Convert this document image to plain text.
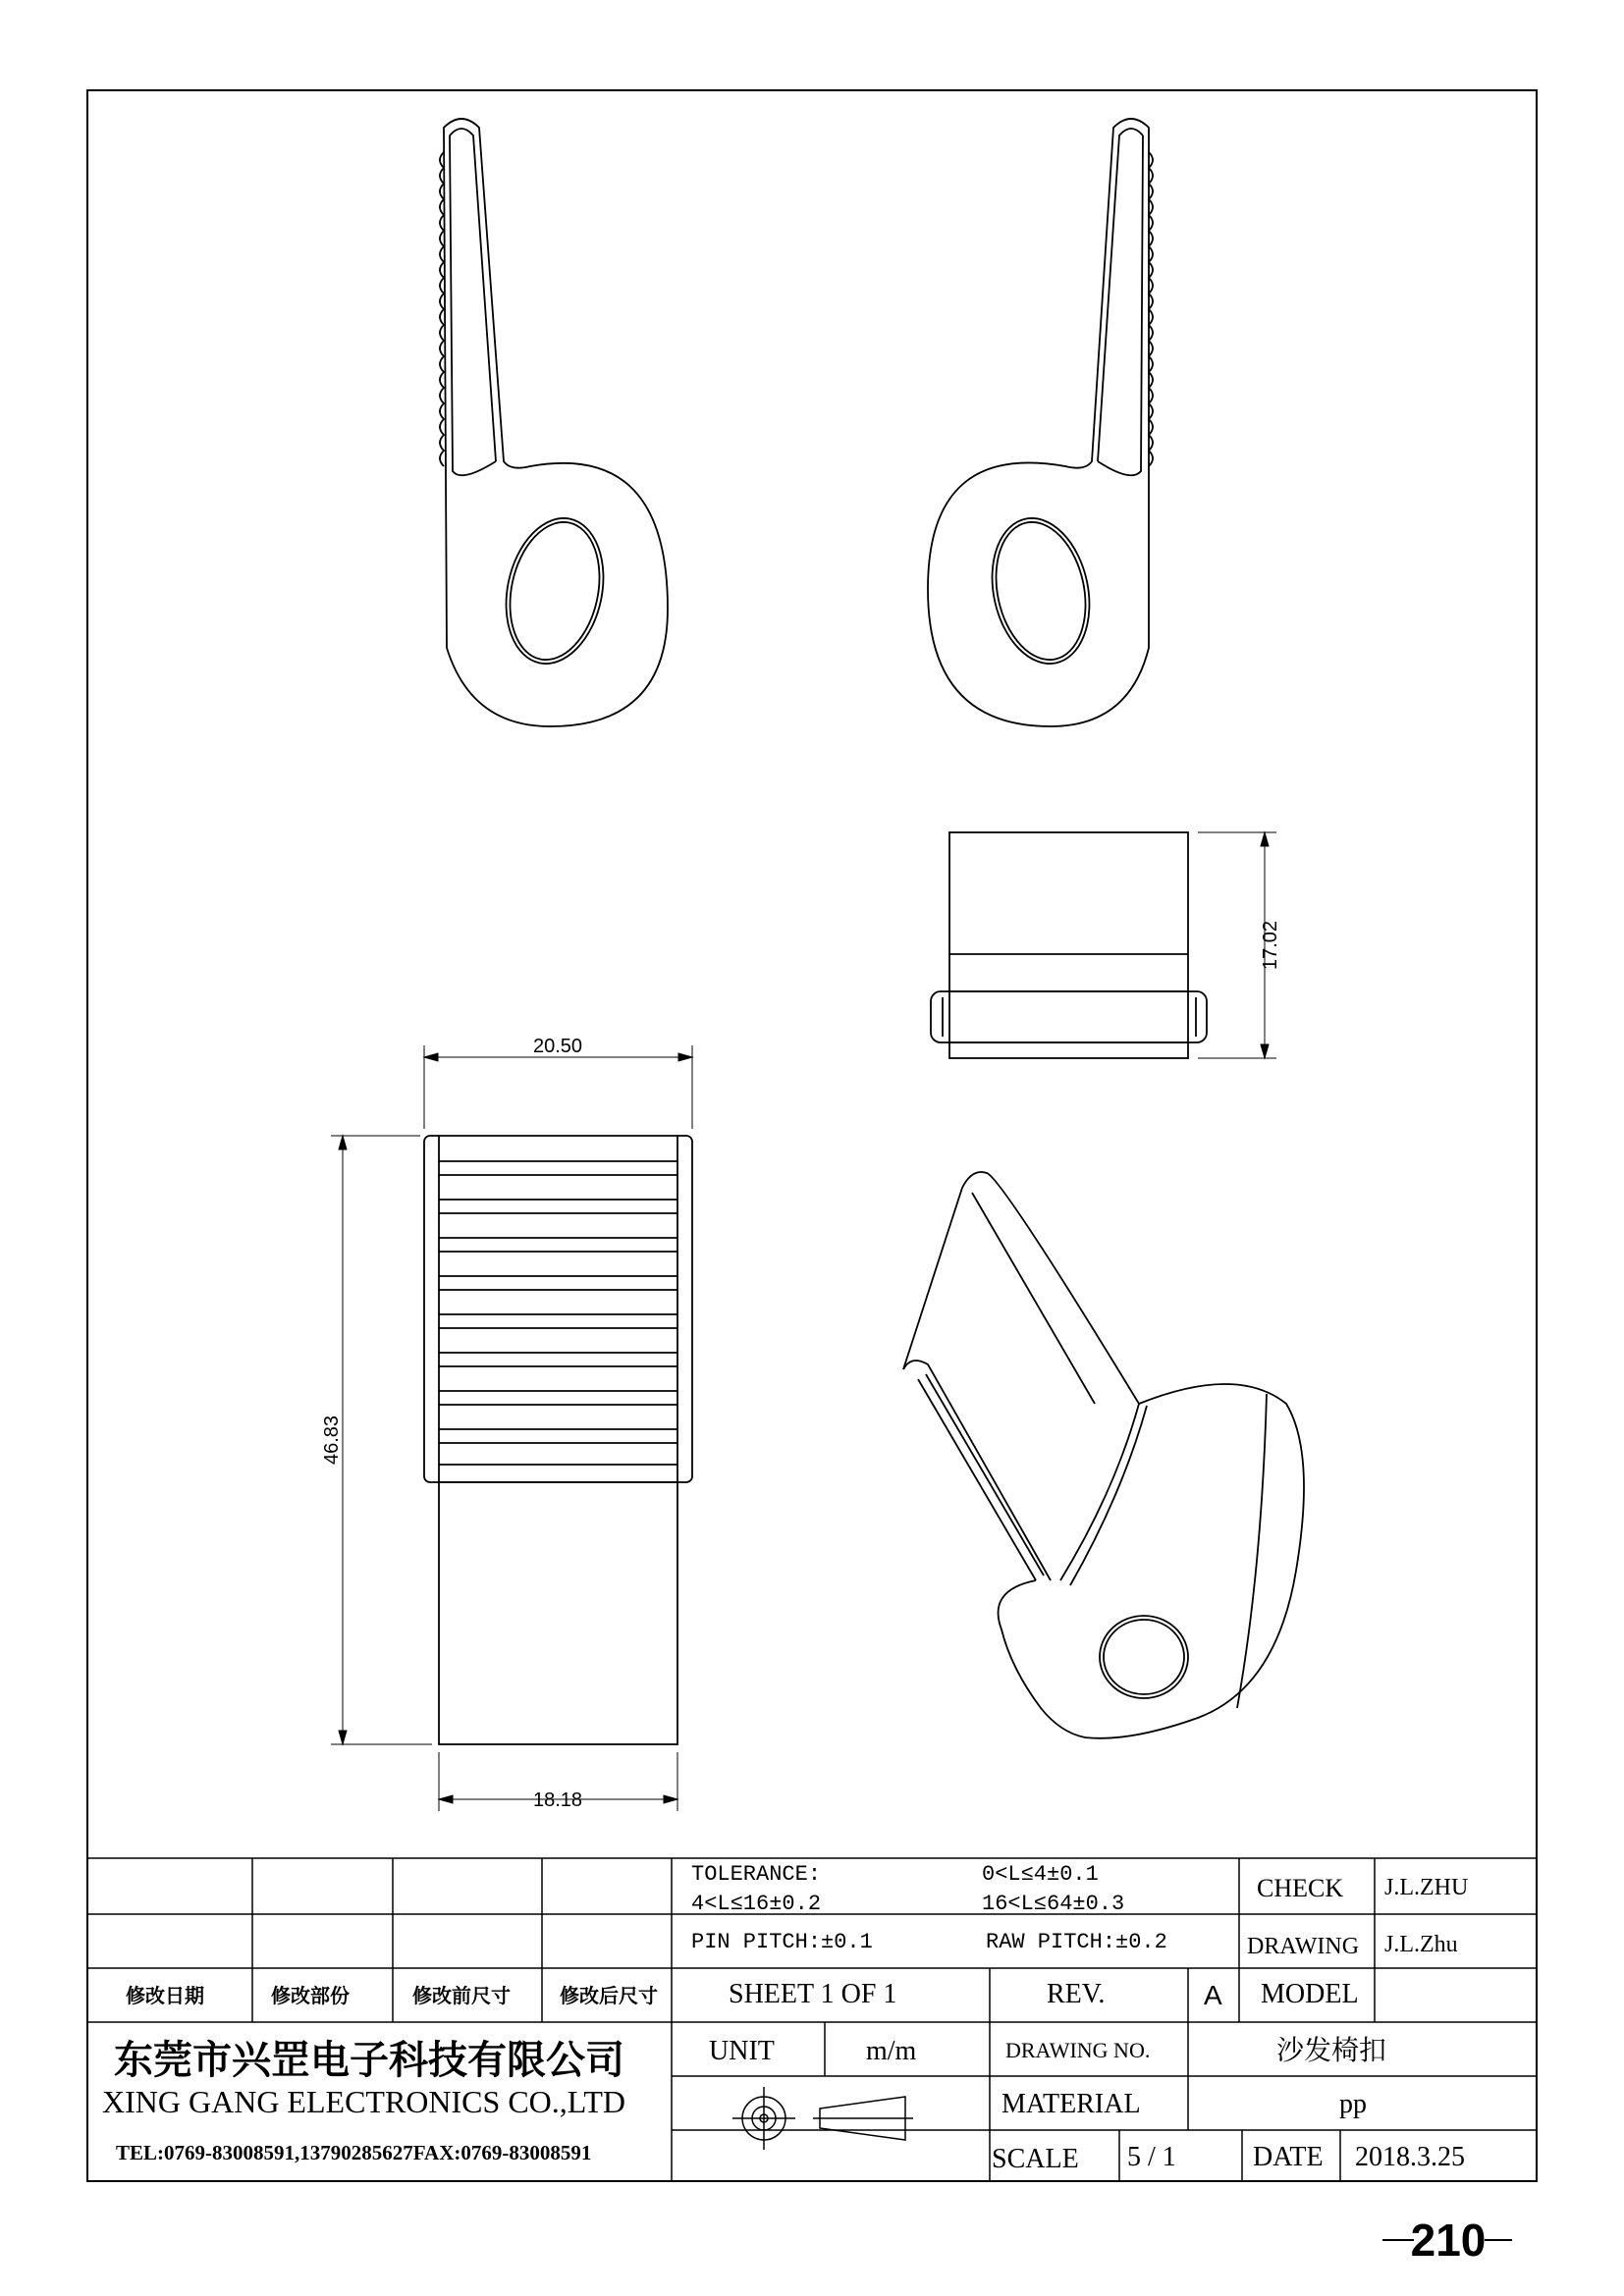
17.02
20.50
46.83
18.18
TOLERANCE:	0<L≤4±0.1
4<L≤16±0.2	16<L≤64±0.3
PIN PITCH:±0.1	RAW PITCH:±0.2
CHECK J.L.ZHU
DRAWING J.L.Zhu
修改日期	修改部份	修改前尺寸	修改后尺寸	SHEET 1 OF 1	REV.	A MODEL
UNIT	m/m	DRAWING NO.	沙发椅扣
MATERIAL	pp
SCALE 5 / 1	DATE 2018.3.25
东莞市兴罡电子科技有限公司
XING GANG ELECTRONICS CO.,LTD
TEL:0769-83008591,13790285627FAX:0769-83008591
210
